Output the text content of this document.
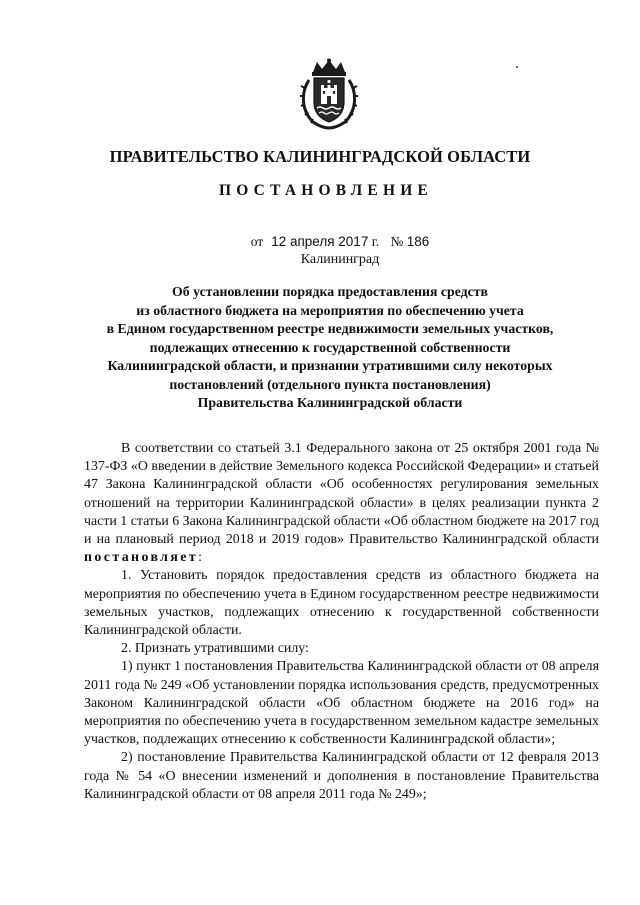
ПРАВИТЕЛЬСТВО КАЛИНИНГРАДСКОЙ ОБЛАСТИ
ПОСТАНОВЛЕНИЕ
от 12 апреля 2017 г. № 186
Калининград
Об установлении порядка предоставления средств
из областного бюджета на мероприятия по обеспечению учета
в Едином государственном реестре недвижимости земельных участков,
подлежащих отнесению к государственной собственности
Калининградской области, и признании утратившими силу некоторых
постановлений (отдельного пункта постановления)
Правительства Калининградской области

В соответствии со статьей 3.1 Федерального закона от 25 октября 2001 года № 137-ФЗ «О введении в действие Земельного кодекса Российской Федерации» и статьей 47 Закона Калининградской области «Об особенностях регулирования земельных отношений на территории Калининградской области» в целях реализации пункта 2 части 1 статьи 6 Закона Калининградской области «Об областном бюджете на 2017 год и на плановый период 2018 и 2019 годов» Правительство Калининградской области постановляет:

1. Установить порядок предоставления средств из областного бюджета на мероприятия по обеспечению учета в Едином государственном реестре недвижимости земельных участков, подлежащих отнесению к государственной собственности Калининградской области.

2. Признать утратившими силу:

1) пункт 1 постановления Правительства Калининградской области от 08 апреля 2011 года № 249 «Об установлении порядка использования средств, предусмотренных Законом Калининградской области «Об областном бюджете на 2016 год» на мероприятия по обеспечению учета в государственном земельном кадастре земельных участков, подлежащих отнесению к собственности Калининградской области»;

2) постановление Правительства Калининградской области от 12 февраля 2013 года № 54 «О внесении изменений и дополнения в постановление Правительства Калининградской области от 08 апреля 2011 года № 249»;
